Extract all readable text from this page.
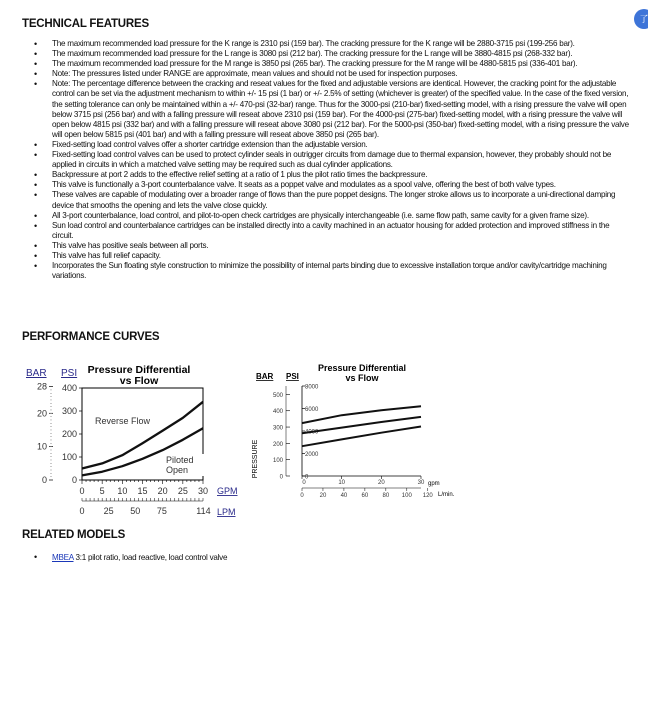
了
TECHNICAL FEATURES
• The maximum recommended load pressure for the K range is 2310 psi (159 bar). The cracking pressure for the K range will be 2880-3715 psi (199-256 bar).
• The maximum recommended load pressure for the L range is 3080 psi (212 bar). The cracking pressure for the L range will be 3880-4815 psi (268-332 bar).
• The maximum recommended load pressure for the M range is 3850 psi (265 bar). The cracking pressure for the M range will be 4880-5815 psi (336-401 bar).
• Note: The pressures listed under RANGE are approximate, mean values and should not be used for inspection purposes.
• Note: The percentage difference between the cracking and reseat values for the fixed and adjustable versions are identical. However, the cracking point for the adjustable control can be set via the adjustment mechanism to within +/- 15 psi (1 bar) or +/- 2.5% of setting (whichever is greater) of the specified value. In the case of the fixed version, the setting tolerance can only be maintained within a +/- 470-psi (32-bar) range. Thus for the 3000-psi (210-bar) fixed-setting model, with a rising pressure the valve will open below 3715 psi (256 bar) and with a falling pressure will reseat above 2310 psi (159 bar). For the 4000-psi (275-bar) fixed-setting model, with a rising pressure the valve will open below 4815 psi (332 bar) and with a falling pressure will reseat above 3080 psi (212 bar). For the 5000-psi (350-bar) fixed-setting model, with a rising pressure the valve will open below 5815 psi (401 bar) and with a falling pressure will reseat above 3850 psi (265 bar).
• Fixed-setting load control valves offer a shorter cartridge extension than the adjustable version.
• Fixed-setting load control valves can be used to protect cylinder seals in outrigger circuits from damage due to thermal expansion, however, they probably should not be applied in circuits in which a matched valve setting may be required such as dual cylinder applications.
• Backpressure at port 2 adds to the effective relief setting at a ratio of 1 plus the pilot ratio times the backpressure.
• This valve is functionally a 3-port counterbalance valve. It seats as a poppet valve and modulates as a spool valve, offering the best of both valve types.
• These valves are capable of modulating over a broader range of flows than the pure poppet designs. The longer stroke allows us to incorporate a uni-directional damping device that smooths the opening and lets the valve close quickly.
• All 3-port counterbalance, load control, and pilot-to-open check cartridges are physically interchangeable (i.e. same flow path, same cavity for a given frame size).
• Sun load control and counterbalance cartridges can be installed directly into a cavity machined in an actuator housing for added protection and improved stiffness in the circuit.
• This valve has positive seals between all ports.
• This valve has full relief capacity.
• Incorporates the Sun floating style construction to minimize the possibility of internal parts binding due to excessive installation torque and/or cavity/cartridge machining variations.
PERFORMANCE CURVES
BAR PSI Pressure Differential
vs Flow
0
100
200
300
400
0
10
20
28
0 5 10 15 20 25 30
0 25 50 75	114
Reverse Flow
Piloted
Open
GPM
LPM
Pressure Differential
vs Flow
BAR PSI
PRESSURE	0
2000
4000
6000
8000
0
100
200
300
400
500
0	10	20	30
0	20 40 60 80 100 120
gpm
L/min.
RELATED MODELS
• MBEA 3:1 pilot ratio, load reactive, load control valve
